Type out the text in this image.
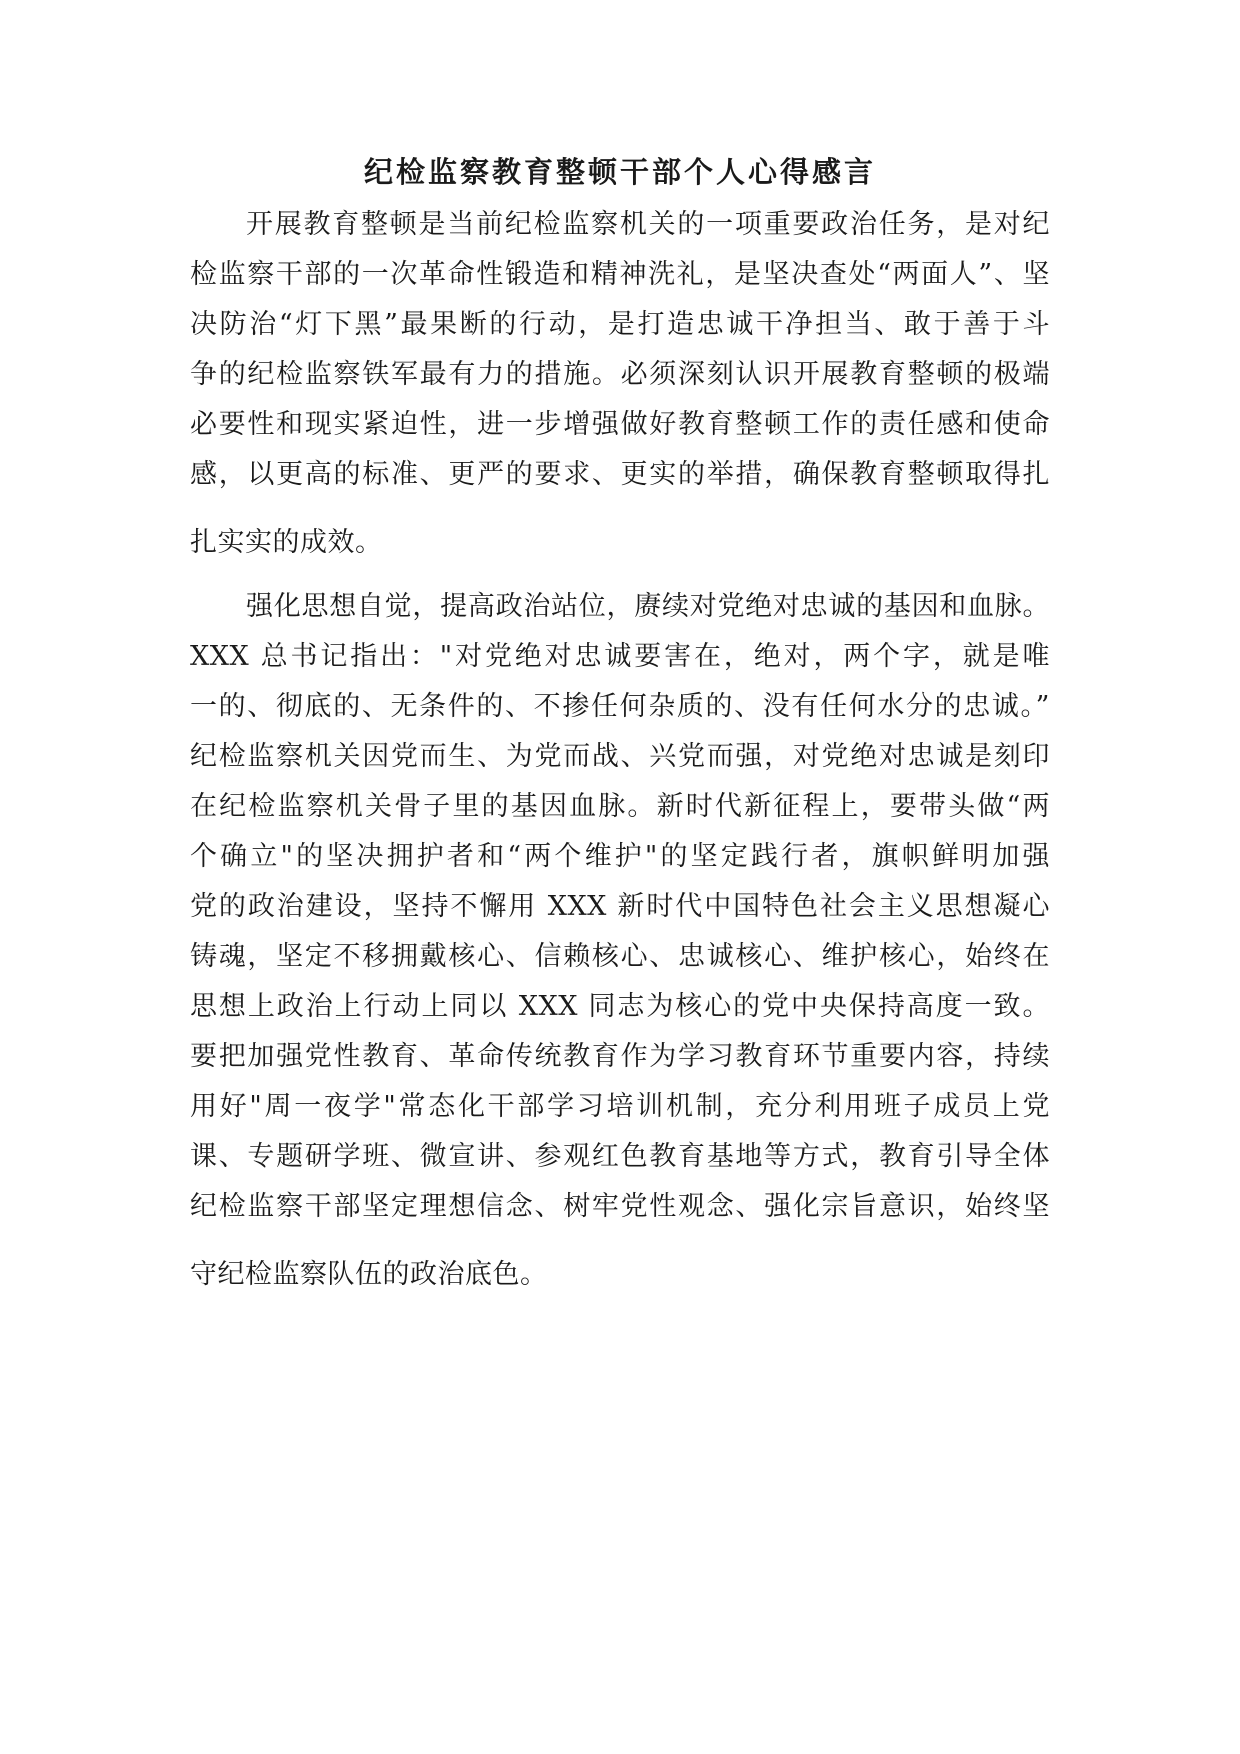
纪检监察教育整顿干部个人心得感言
开展教育整顿是当前纪检监察机关的一项重要政治任务，是对纪
检监察干部的一次革命性锻造和精神洗礼，是坚决查处“两面人”、坚
决防治“灯下黑”最果断的行动，是打造忠诚干净担当、敢于善于斗
争的纪检监察铁军最有力的措施。必须深刻认识开展教育整顿的极端
必要性和现实紧迫性，进一步增强做好教育整顿工作的责任感和使命
感，以更高的标准、更严的要求、更实的举措，确保教育整顿取得扎
扎实实的成效。
强化思想自觉，提高政治站位，赓续对党绝对忠诚的基因和血脉。
XXX 总书记指出："对党绝对忠诚要害在，绝对，两个字，就是唯
一的、彻底的、无条件的、不掺任何杂质的、没有任何水分的忠诚。”
纪检监察机关因党而生、为党而战、兴党而强，对党绝对忠诚是刻印
在纪检监察机关骨子里的基因血脉。新时代新征程上，要带头做“两
个确立"的坚决拥护者和“两个维护"的坚定践行者，旗帜鲜明加强
党的政治建设，坚持不懈用 XXX 新时代中国特色社会主义思想凝心
铸魂，坚定不移拥戴核心、信赖核心、忠诚核心、维护核心，始终在
思想上政治上行动上同以 XXX 同志为核心的党中央保持高度一致。
要把加强党性教育、革命传统教育作为学习教育环节重要内容，持续
用好"周一夜学"常态化干部学习培训机制，充分利用班子成员上党
课、专题研学班、微宣讲、参观红色教育基地等方式，教育引导全体
纪检监察干部坚定理想信念、树牢党性观念、强化宗旨意识，始终坚
守纪检监察队伍的政治底色。
